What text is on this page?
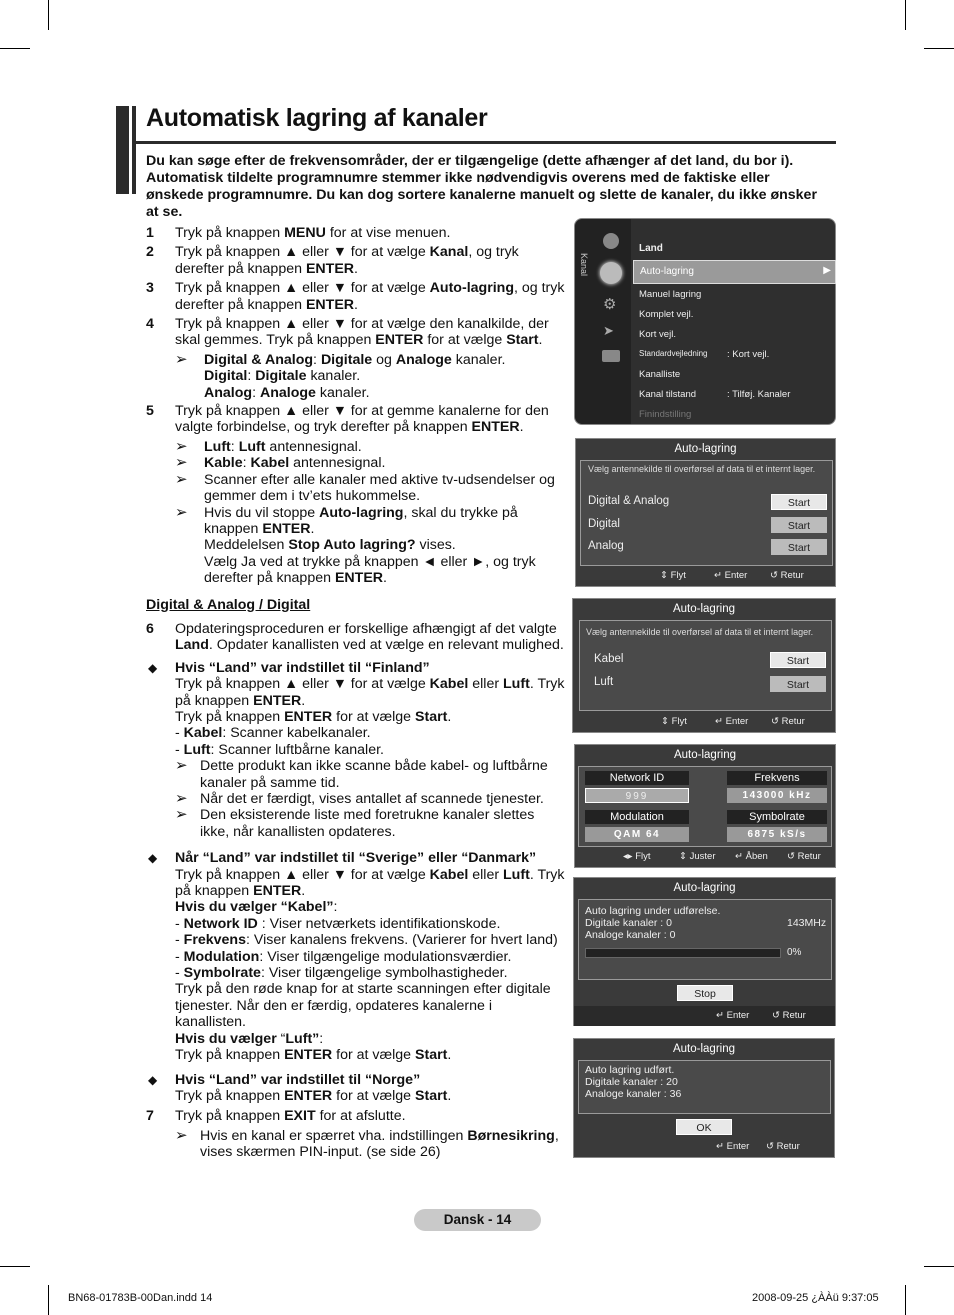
Automatisk lagring af kanaler
Du kan søge efter de frekvensområder, der er tilgængelige (dette afhænger af det land, du bor i). Automatisk tildelte programnumre stemmer ikke nødvendigvis overens med de faktiske eller ønskede programnumre. Du kan dog sortere kanalerne manuelt og slette de kanaler, du ikke ønsker at se.
1 Tryk på knappen MENU for at vise menuen.
2 Tryk på knappen ▲ eller ▼ for at vælge Kanal, og tryk derefter på knappen ENTER.
3 Tryk på knappen ▲ eller ▼ for at vælge Auto-lagring, og tryk derefter på knappen ENTER.
4 Tryk på knappen ▲ eller ▼ for at vælge den kanalkilde, der skal gemmes. Tryk på knappen ENTER for at vælge Start.
➢ Digital & Analog: Digitale og Analoge kanaler.
Digital: Digitale kanaler.
Analog: Analoge kanaler.
5 Tryk på knappen ▲ eller ▼ for at gemme kanalerne for den valgte forbindelse, og tryk derefter på knappen ENTER.
➢ Luft: Luft antennesignal.
➢ Kable: Kabel antennesignal.
➢ Scanner efter alle kanaler med aktive tv-udsendelser og gemmer dem i tv’ets hukommelse.
➢ Hvis du vil stoppe Auto-lagring, skal du trykke på knappen ENTER.
Meddelelsen Stop Auto lagring? vises.
Vælg Ja ved at trykke på knappen ◄ eller ►, og tryk derefter på knappen ENTER.
Digital & Analog / Digital
6 Opdateringsproceduren er forskellige afhængigt af det valgte Land. Opdater kanallisten ved at vælge en relevant mulighed.
◆ Hvis “Land” var indstillet til “Finland”
Tryk på knappen ▲ eller ▼ for at vælge Kabel eller Luft. Tryk på knappen ENTER.
Tryk på knappen ENTER for at vælge Start.
- Kabel: Scanner kabelkanaler.
- Luft: Scanner luftbårne kanaler.
➢ Dette produkt kan ikke scanne både kabel- og luftbårne kanaler på samme tid.
➢ Når det er færdigt, vises antallet af scannede tjenester.
➢ Den eksisterende liste med foretrukne kanaler slettes ikke, når kanallisten opdateres.
◆ Når “Land” var indstillet til “Sverige” eller “Danmark”
Tryk på knappen ▲ eller ▼ for at vælge Kabel eller Luft. Tryk på knappen ENTER.
Hvis du vælger “Kabel”:
- Network ID : Viser netværkets identifikationskode.
- Frekvens: Viser kanalens frekvens. (Varierer for hvert land)
- Modulation: Viser tilgængelige modulationsværdier.
- Symbolrate: Viser tilgængelige symbolhastigheder.
Tryk på den røde knap for at starte scanningen efter digitale tjenester. Når den er færdig, opdateres kanalerne i kanallisten.
Hvis du vælger “Luft”:
Tryk på knappen ENTER for at vælge Start.
◆ Hvis “Land” var indstillet til “Norge”
Tryk på knappen ENTER for at vælge Start.
7 Tryk på knappen EXIT for at afslutte.
➢ Hvis en kanal er spærret vha. indstillingen Børnesikring, vises skærmen PIN-input. (se side 26)
Kanal
⚙
➤
Land
Auto-lagring	▶
Manuel lagring
Komplet vejl.
Kort vejl.
Standardvejledning : Kort vejl.
Kanalliste
Kanal tilstand	: Tilføj. Kanaler
Finindstilling
Auto-lagring
Vælg antennekilde til overførsel af data til et internt lager.
Digital & Analog	Start
Digital	Start
Analog	Start
⇕ Flyt	↵ Enter ↺ Retur
Auto-lagring
Vælg antennekilde til overførsel af data til et internt lager.
Kabel	Start
Luft	Start
⇕ Flyt	↵ Enter ↺ Retur
Auto-lagring
Network ID
999
Frekvens
143000 kHz
Modulation
QAM 64
Symbolrate
6875 kS/s
◂▸ Flyt	⇕ Juster ↵ Åben ↺ Retur
Auto-lagring
Auto lagring under udførelse.
Digitale kanaler : 0	143MHz
Analoge kanaler : 0
0%
Stop
↵ Enter ↺ Retur
Auto-lagring
Auto lagring udført.
Digitale kanaler : 20
Analoge kanaler : 36
OK
↵ Enter ↺ Retur
Dansk - 14
BN68-01783B-00Dan.indd 14	2008-09-25 ¿ÀÀü 9:37:05
